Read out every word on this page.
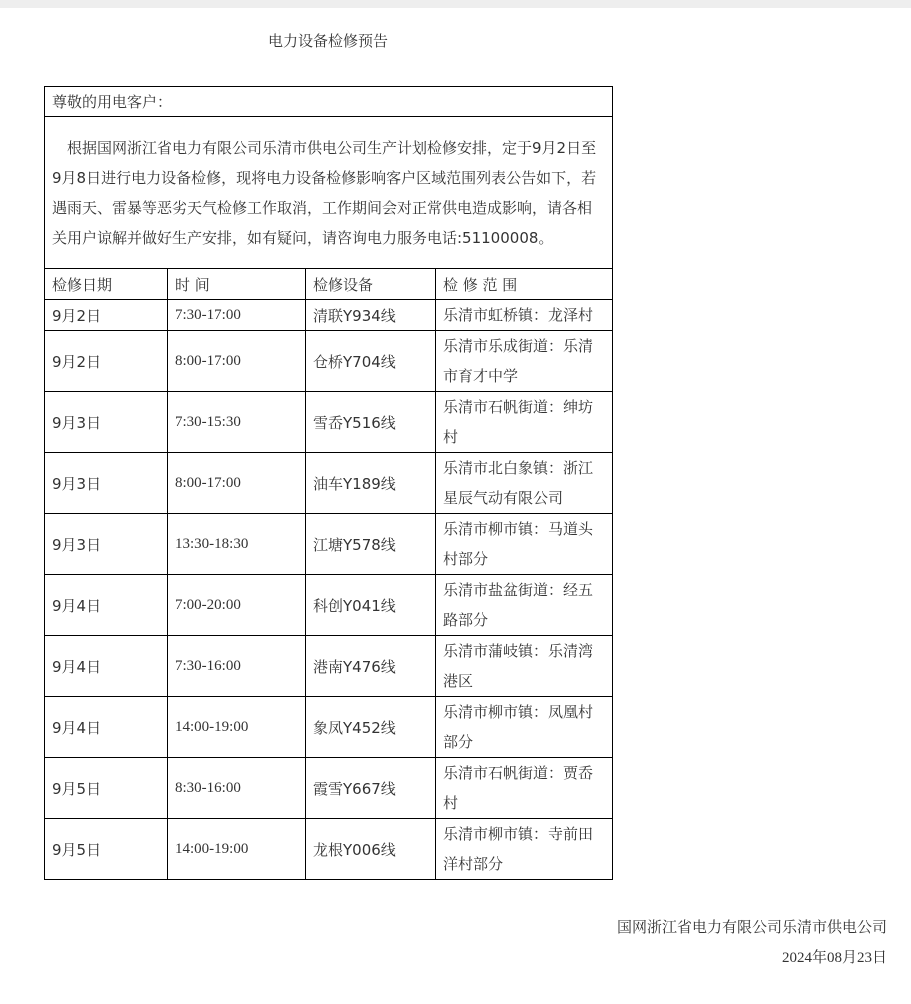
电力设备检修预告
尊敬的用电客户：			
根据国网浙江省电力有限公司乐清市供电公司生产计划检修安排，定于9月2日至9月8日进行电力设备检修，现将电力设备检修影响客户区域范围列表公告如下，若遇雨天、雷暴等恶劣天气检修工作取消，工作期间会对正常供电造成影响，请各相关用户谅解并做好生产安排，如有疑问，请咨询电力服务电话:51100008。			
检修日期	时 间	检修设备	检 修 范 围
9月2日	7:30-17:00	清联Y934线	乐清市虹桥镇：龙泽村
9月2日	8:00-17:00	仓桥Y704线	乐清市乐成街道：乐清市育才中学
9月3日	7:30-15:30	雪岙Y516线	乐清市石帆街道：绅坊村
9月3日	8:00-17:00	油车Y189线	乐清市北白象镇：浙江星辰气动有限公司
9月3日	13:30-18:30	江塘Y578线	乐清市柳市镇：马道头村部分
9月4日	7:00-20:00	科创Y041线	乐清市盐盆街道：经五路部分
9月4日	7:30-16:00	港南Y476线	乐清市蒲岐镇：乐清湾港区
9月4日	14:00-19:00	象凤Y452线	乐清市柳市镇：凤凰村部分
9月5日	8:30-16:00	霞雪Y667线	乐清市石帆街道：贾岙村
9月5日	14:00-19:00	龙根Y006线	乐清市柳市镇：寺前田洋村部分
国网浙江省电力有限公司乐清市供电公司
2024年08月23日
